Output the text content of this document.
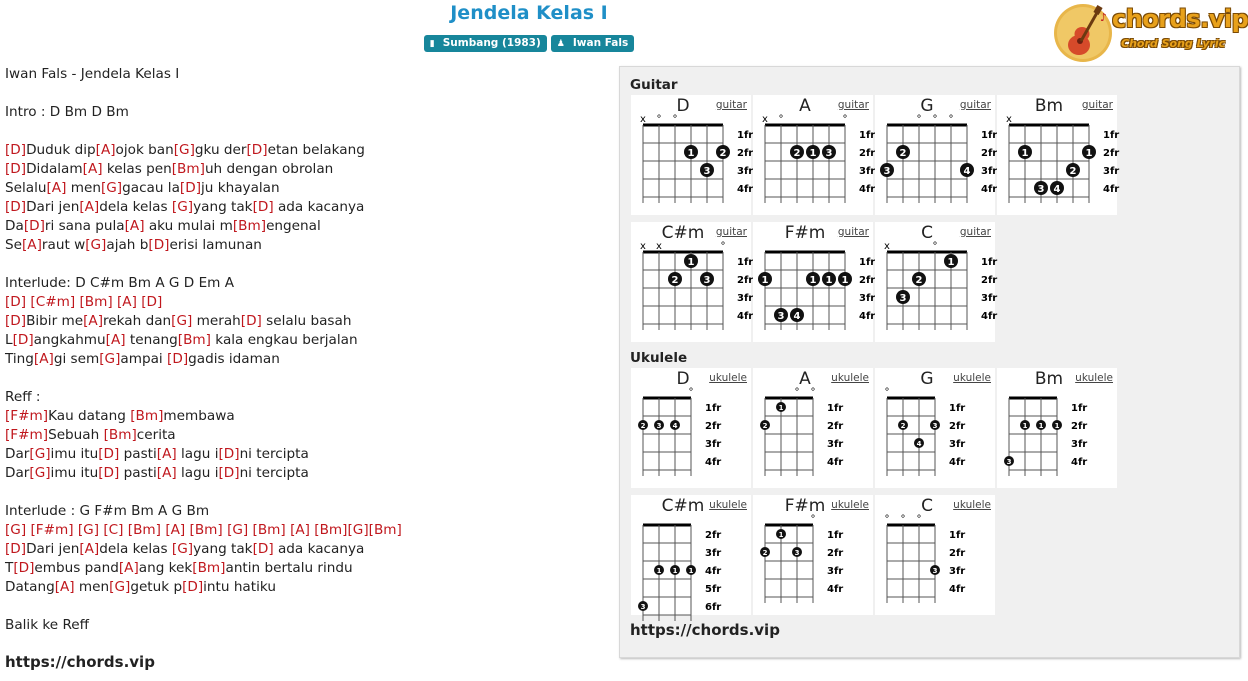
Jendela Kelas I
▮ Sumbang (1983) ♟ Iwan Fals
♪ chords.vip
Chord Song Lyric
Iwan Fals - Jendela Kelas I
Intro : D Bm D Bm
[D]Duduk dip[A]ojok ban[G]gku der[D]etan belakang
[D]Didalam[A] kelas pen[Bm]uh dengan obrolan
Selalu[A] men[G]gacau la[D]ju khayalan
[D]Dari jen[A]dela kelas [G]yang tak[D] ada kacanya
Da[D]ri sana pula[A] aku mulai m[Bm]engenal
Se[A]raut w[G]ajah b[D]erisi lamunan
Interlude: D C#m Bm A G D Em A
[D] [C#m] [Bm] [A] [D]
[D]Bibir me[A]rekah dan[G] merah[D] selalu basah
L[D]angkahmu[A] tenang[Bm] kala engkau berjalan
Ting[A]gi sem[G]ampai [D]gadis idaman
Reff :
[F#m]Kau datang [Bm]membawa
[F#m]Sebuah [Bm]cerita
Dar[G]imu itu[D] pasti[A] lagu i[D]ni tercipta
Dar[G]imu itu[D] pasti[A] lagu i[D]ni tercipta
Interlude : G F#m Bm A G Bm
[G] [F#m] [G] [C] [Bm] [A] [Bm] [G] [Bm] [A] [Bm][G][Bm]
[D]Dari jen[A]dela kelas [G]yang tak[D] ada kacanya
T[D]embus pand[A]ang kek[Bm]antin bertalu rindu
Datang[A] men[G]getuk p[D]intu hatiku
Balik ke Reff
https://chords.vip
Guitar
Ukulele
x ° °
1fr
2fr
3fr
4fr
1	2
3
D	guitar
x °	°
1fr
2fr
3fr
4fr
2 1 3
A	guitar
° ° °
1fr
2fr
3fr
4fr
2
3	4
G	guitar
x
1fr
2fr
3fr
4fr
1	1
2
3 4
Bm	guitar
x x	°
1fr
2fr
3fr
4fr
1
2	3
C#m	guitar
1fr
2fr
3fr
4fr
1	1 1 1
3 4
F#m	guitar
x	°
1fr
2fr
3fr
4fr
1
2
3
C	guitar
°
1fr
2fr
3fr
4fr
2 3 4
D	ukulele
° °
1fr
2fr
3fr
4fr
1
2
A	ukulele
°
1fr
2fr
3fr
4fr
2	3
4
G	ukulele
1fr
2fr
3fr
4fr
1 1 1
3
Bm	ukulele
2fr
3fr
4fr
5fr
6fr
1 1 1
3
C#m ukulele
°
1fr
2fr
3fr
4fr
1
2	3
F#m ukulele
° ° °
1fr
2fr
3fr
4fr
3
C	ukulele
https://chords.vip
